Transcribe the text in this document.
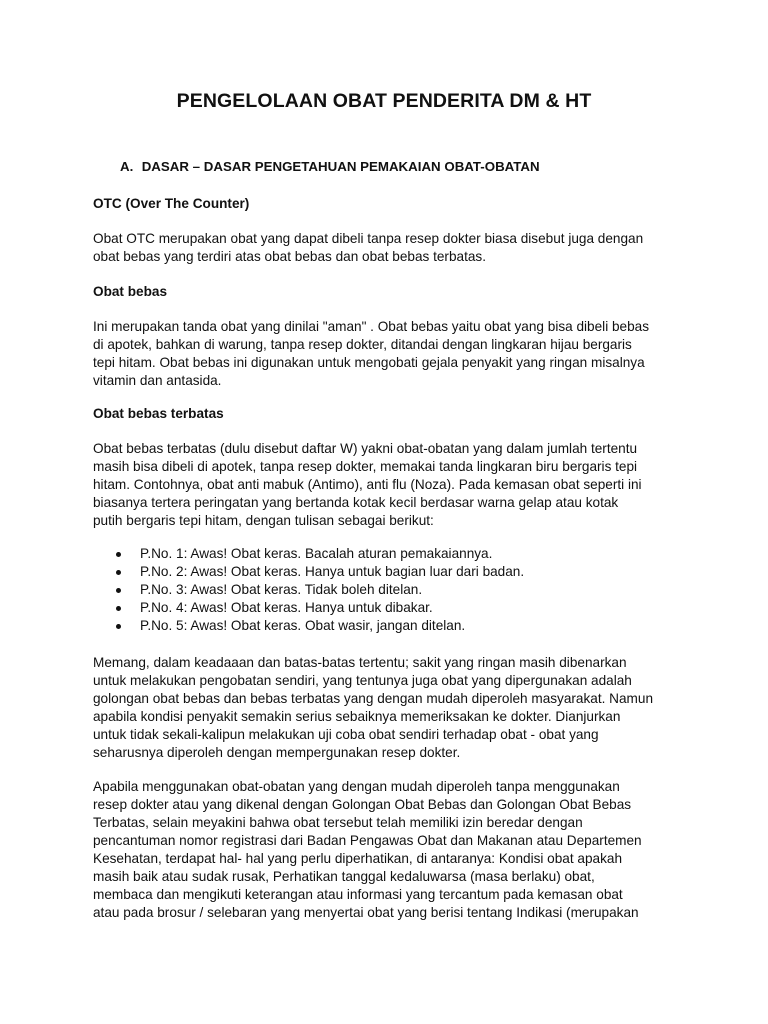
PENGELOLAAN OBAT PENDERITA DM & HT
A. DASAR – DASAR PENGETAHUAN PEMAKAIAN OBAT-OBATAN
OTC (Over The Counter)
Obat OTC merupakan obat yang dapat dibeli tanpa resep dokter biasa disebut juga dengan
obat bebas yang terdiri atas obat bebas dan obat bebas terbatas.
Obat bebas
Ini merupakan tanda obat yang dinilai "aman" . Obat bebas yaitu obat yang bisa dibeli bebas
di apotek, bahkan di warung, tanpa resep dokter, ditandai dengan lingkaran hijau bergaris
tepi hitam. Obat bebas ini digunakan untuk mengobati gejala penyakit yang ringan misalnya
vitamin dan antasida.
Obat bebas terbatas
Obat bebas terbatas (dulu disebut daftar W) yakni obat-obatan yang dalam jumlah tertentu
masih bisa dibeli di apotek, tanpa resep dokter, memakai tanda lingkaran biru bergaris tepi
hitam. Contohnya, obat anti mabuk (Antimo), anti flu (Noza). Pada kemasan obat seperti ini
biasanya tertera peringatan yang bertanda kotak kecil berdasar warna gelap atau kotak
putih bergaris tepi hitam, dengan tulisan sebagai berikut:
P.No. 1: Awas! Obat keras. Bacalah aturan pemakaiannya.
P.No. 2: Awas! Obat keras. Hanya untuk bagian luar dari badan.
P.No. 3: Awas! Obat keras. Tidak boleh ditelan.
P.No. 4: Awas! Obat keras. Hanya untuk dibakar.
P.No. 5: Awas! Obat keras. Obat wasir, jangan ditelan.
Memang, dalam keadaaan dan batas-batas tertentu; sakit yang ringan masih dibenarkan
untuk melakukan pengobatan sendiri, yang tentunya juga obat yang dipergunakan adalah
golongan obat bebas dan bebas terbatas yang dengan mudah diperoleh masyarakat. Namun
apabila kondisi penyakit semakin serius sebaiknya memeriksakan ke dokter. Dianjurkan
untuk tidak sekali-kalipun melakukan uji coba obat sendiri terhadap obat - obat yang
seharusnya diperoleh dengan mempergunakan resep dokter.
Apabila menggunakan obat-obatan yang dengan mudah diperoleh tanpa menggunakan
resep dokter atau yang dikenal dengan Golongan Obat Bebas dan Golongan Obat Bebas
Terbatas, selain meyakini bahwa obat tersebut telah memiliki izin beredar dengan
pencantuman nomor registrasi dari Badan Pengawas Obat dan Makanan atau Departemen
Kesehatan, terdapat hal- hal yang perlu diperhatikan, di antaranya: Kondisi obat apakah
masih baik atau sudak rusak, Perhatikan tanggal kedaluwarsa (masa berlaku) obat,
membaca dan mengikuti keterangan atau informasi yang tercantum pada kemasan obat
atau pada brosur / selebaran yang menyertai obat yang berisi tentang Indikasi (merupakan
